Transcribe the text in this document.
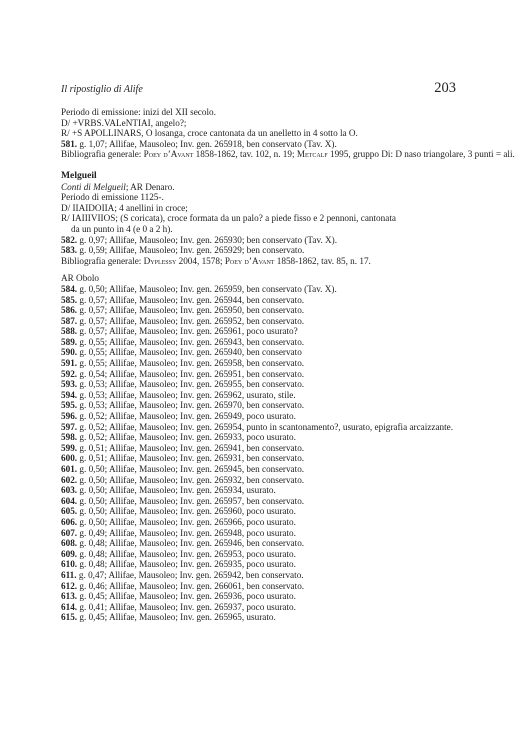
Il ripostiglio di Alife	203
Periodo di emissione: inizi del XII secolo.
D/ +VRBS.VALeNTIAI, angelo?;
R/ +S APOLLINARS, O losanga, croce cantonata da un anelletto in 4 sotto la O.
581. g. 1,07; Allifae, Mausoleo; Inv. gen. 265918, ben conservato (Tav. X).
Bibliografia generale: Poey d’Avant 1858-1862, tav. 102, n. 19; Metcalf 1995, gruppo Di: D naso triangolare, 3 punti = ali.
Melgueil
Conti di Melgueil; AR Denaro.
Periodo di emissione 1125-.
D/ IIAIDOIIA; 4 anellini in croce;
R/ IAIIIVIIOS; (S coricata), croce formata da un palo? a piede fisso e 2 pennoni, cantonata
da un punto in 4 (e 0 a 2 h).
582. g. 0,97; Allifae, Mausoleo; Inv. gen. 265930; ben conservato (Tav. X).
583. g. 0,59; Allifae, Mausoleo; Inv. gen. 265929; ben conservato.
Bibliografia generale: Dyplessy 2004, 1578; Poey d’Avant 1858-1862, tav. 85, n. 17.
AR Obolo
584. g. 0,50; Allifae, Mausoleo; Inv. gen. 265959, ben conservato (Tav. X).
585. g. 0,57; Allifae, Mausoleo; Inv. gen. 265944, ben conservato.
586. g. 0,57; Allifae, Mausoleo; Inv. gen. 265950, ben conservato.
587. g. 0,57; Allifae, Mausoleo; Inv. gen. 265952, ben conservato.
588. g. 0,57; Allifae, Mausoleo; Inv. gen. 265961, poco usurato?
589. g. 0,55; Allifae, Mausoleo; Inv. gen. 265943, ben conservato.
590. g. 0,55; Allifae, Mausoleo; Inv. gen. 265940, ben conservato
591. g. 0,55; Allifae, Mausoleo; Inv. gen. 265958, ben conservato.
592. g. 0,54; Allifae, Mausoleo; Inv. gen. 265951, ben conservato.
593. g. 0,53; Allifae, Mausoleo; Inv. gen. 265955, ben conservato.
594. g. 0,53; Allifae, Mausoleo; Inv. gen. 265962, usurato, stile.
595. g. 0,53; Allifae, Mausoleo; Inv. gen. 265970, ben conservato.
596. g. 0,52; Allifae, Mausoleo; Inv. gen. 265949, poco usurato.
597. g. 0,52; Allifae, Mausoleo; Inv. gen. 265954, punto in scantonamento?, usurato, epigrafia arcaizzante.
598. g. 0,52; Allifae, Mausoleo; Inv. gen. 265933, poco usurato.
599. g. 0,51; Allifae, Mausoleo; Inv. gen. 265941, ben conservato.
600. g. 0,51; Allifae, Mausoleo; Inv. gen. 265931, ben conservato.
601. g. 0,50; Allifae, Mausoleo; Inv. gen. 265945, ben conservato.
602. g. 0,50; Allifae, Mausoleo; Inv. gen. 265932, ben conservato.
603. g. 0,50; Allifae, Mausoleo; Inv. gen. 265934, usurato.
604. g. 0,50; Allifae, Mausoleo; Inv. gen. 265957, ben conservato.
605. g. 0,50; Allifae, Mausoleo; Inv. gen. 265960, poco usurato.
606. g. 0,50; Allifae, Mausoleo; Inv. gen. 265966, poco usurato.
607. g. 0,49; Allifae, Mausoleo; Inv. gen. 265948, poco usurato.
608. g. 0,48; Allifae, Mausoleo; Inv. gen. 265946, ben conservato.
609. g. 0,48; Allifae, Mausoleo; Inv. gen. 265953, poco usurato.
610. g. 0,48; Allifae, Mausoleo; Inv. gen. 265935, poco usurato.
611. g. 0,47; Allifae, Mausoleo; Inv. gen. 265942, ben conservato.
612. g. 0,46; Allifae, Mausoleo; Inv. gen. 266061, ben conservato.
613. g. 0,45; Allifae, Mausoleo; Inv. gen. 265936, poco usurato.
614. g. 0,41; Allifae, Mausoleo; Inv. gen. 265937, poco usurato.
615. g. 0,45; Allifae, Mausoleo; Inv. gen. 265965, usurato.
